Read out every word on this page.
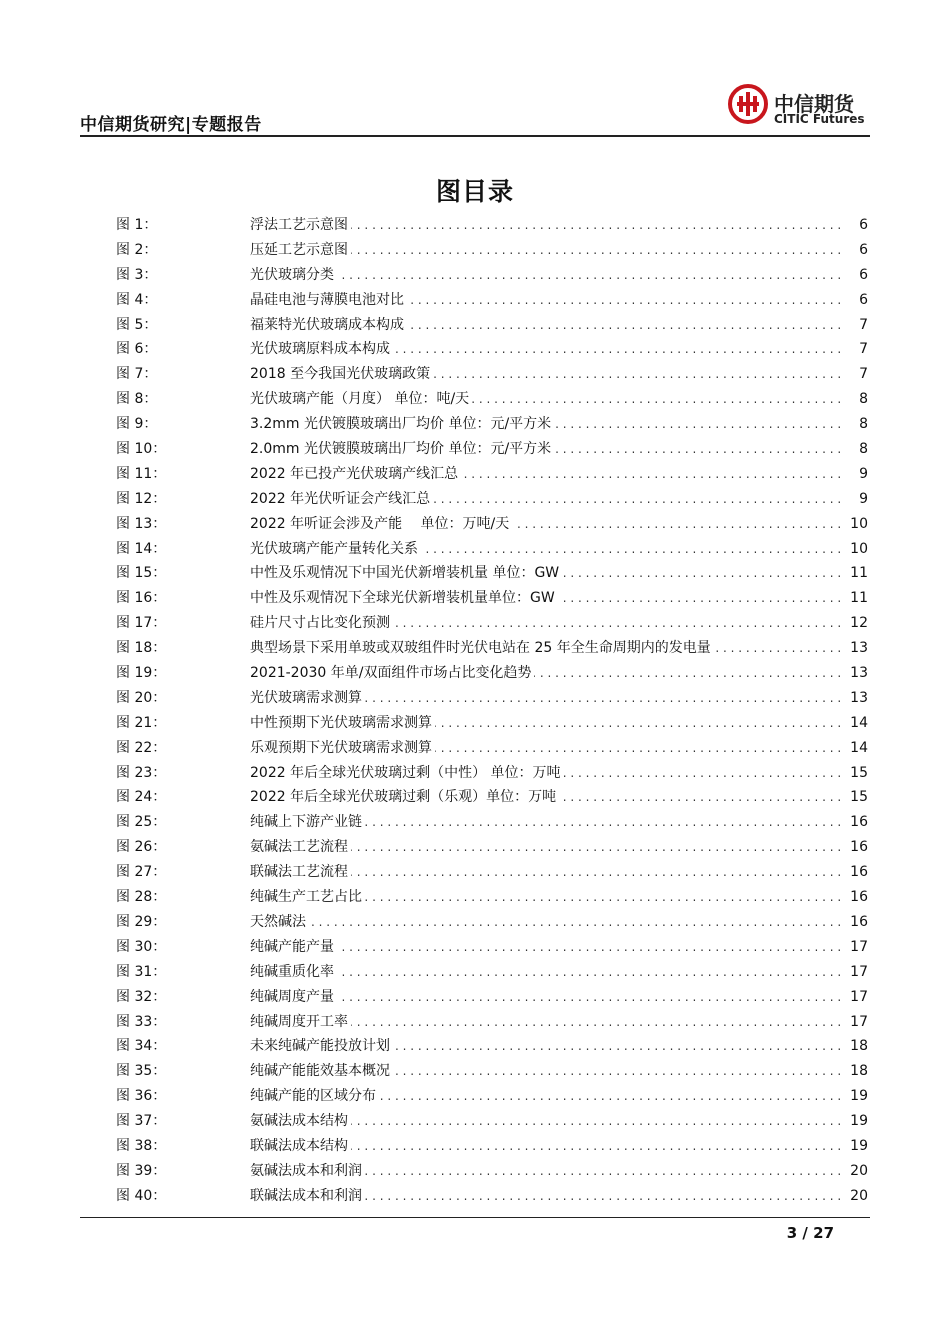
中信期货研究|专题报告
中信期货
CITIC Futures
图目录
图 1：	浮法工艺示意图 . . .	6
图 2：	压延工艺示意图 . . .	6
图 3：	光伏玻璃分类 . . .	6
图 4：	晶硅电池与薄膜电池对比 . . .	6
图 5：	福莱特光伏玻璃成本构成 . . .	7
图 6：	光伏玻璃原料成本构成 . . .	7
图 7：	2018 至今我国光伏玻璃政策 . . .	7
图 8：	光伏玻璃产能（月度） 单位：吨/天 . . .	8
图 9：	3.2mm 光伏镀膜玻璃出厂均价 单位：元/平方米 . . .	8
图 10：	2.0mm 光伏镀膜玻璃出厂均价 单位：元/平方米 . . .	8
图 11：	2022 年已投产光伏玻璃产线汇总 . . .	9
图 12：	2022 年光伏听证会产线汇总 . . .	9
图 13：	2022 年听证会涉及产能　 单位：万吨/天 . . .	10
图 14：	光伏玻璃产能产量转化关系 . . .	10
图 15：	中性及乐观情况下中国光伏新增装机量 单位：GW . . .	11
图 16：	中性及乐观情况下全球光伏新增装机量单位：GW . . .	11
图 17：	硅片尺寸占比变化预测 . . .	12
图 18：	典型场景下采用单玻或双玻组件时光伏电站在 25 年全生命周期内的发电量 . . .	13
图 19：	2021-2030 年单/双面组件市场占比变化趋势 . . .	13
图 20：	光伏玻璃需求测算 . . .	13
图 21：	中性预期下光伏玻璃需求测算 . . .	14
图 22：	乐观预期下光伏玻璃需求测算 . . .	14
图 23：	2022 年后全球光伏玻璃过剩（中性） 单位：万吨 . . .	15
图 24：	2022 年后全球光伏玻璃过剩（乐观）单位：万吨 . . .	15
图 25：	纯碱上下游产业链 . . .	16
图 26：	氨碱法工艺流程 . . .	16
图 27：	联碱法工艺流程 . . .	16
图 28：	纯碱生产工艺占比 . . .	16
图 29：	天然碱法 . . .	16
图 30：	纯碱产能产量 . . .	17
图 31：	纯碱重质化率 . . .	17
图 32：	纯碱周度产量 . . .	17
图 33：	纯碱周度开工率 . . .	17
图 34：	未来纯碱产能投放计划 . . .	18
图 35：	纯碱产能能效基本概况 . . .	18
图 36：	纯碱产能的区域分布 . . .	19
图 37：	氨碱法成本结构 . . .	19
图 38：	联碱法成本结构 . . .	19
图 39：	氨碱法成本和利润 . . .	20
图 40：	联碱法成本和利润 . . .	20
3 / 27
